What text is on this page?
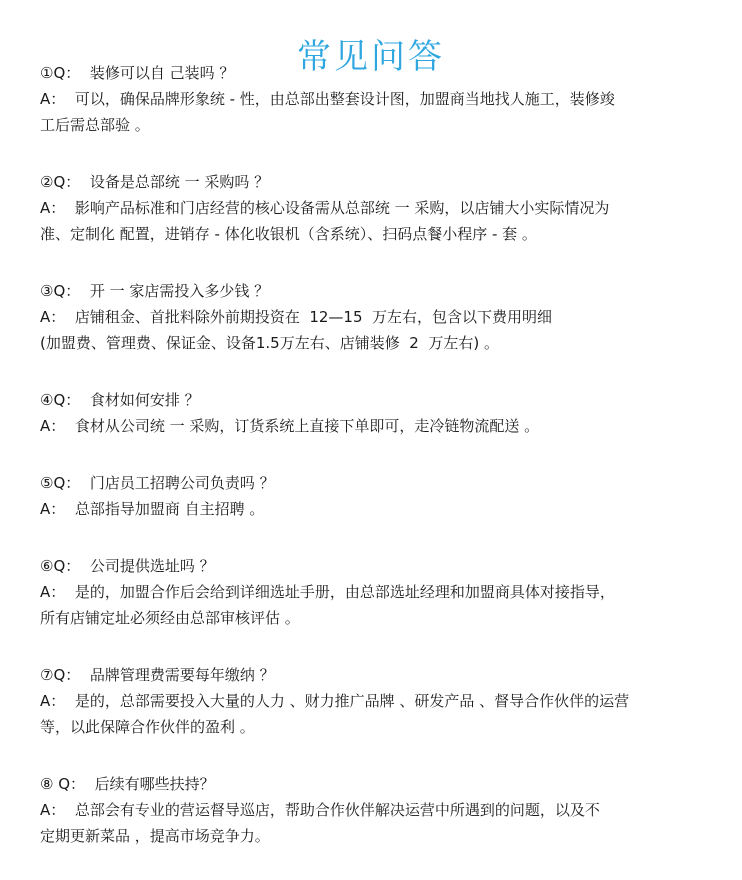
常见问答
①Q： 装修可以自 己装吗 ？
A： 可以，确保品牌形象统 - 性，由总部出整套设计图，加盟商当地找人施工，装修竣
工后需总部验 。
②Q： 设备是总部统 一 采购吗 ？
A： 影响产品标准和门店经营的核心设备需从总部统 一 采购，以店铺大小实际情况为
准、定制化 配置，进销存 - 体化收银机（含系统）、扫码点餐小程序 - 套 。
③Q： 开 一 家店需投入多少钱 ？
A： 店铺租金、首批料除外前期投资在  12—15  万左右，包含以下费用明细
(加盟费、管理费、保证金、设备1.5万左右、店铺装修  2  万左右) 。
④Q： 食材如何安排 ？
A： 食材从公司统 一 采购，订货系统上直接下单即可，走冷链物流配送 。
⑤Q： 门店员工招聘公司负责吗 ？
A： 总部指导加盟商 自主招聘 。
⑥Q： 公司提供选址吗 ？
A： 是的，加盟合作后会给到详细选址手册，由总部选址经理和加盟商具体对接指导，
所有店铺定址必须经由总部审核评估 。
⑦Q： 品牌管理费需要每年缴纳 ？
A： 是的，总部需要投入大量的人力 、财力推广品牌 、研发产品 、督导合作伙伴的运营
等，以此保障合作伙伴的盈利 。
⑧ Q： 后续有哪些扶持？
A： 总部会有专业的营运督导巡店，帮助合作伙伴解决运营中所遇到的问题，以及不
定期更新菜品 ，提高市场竞争力。
